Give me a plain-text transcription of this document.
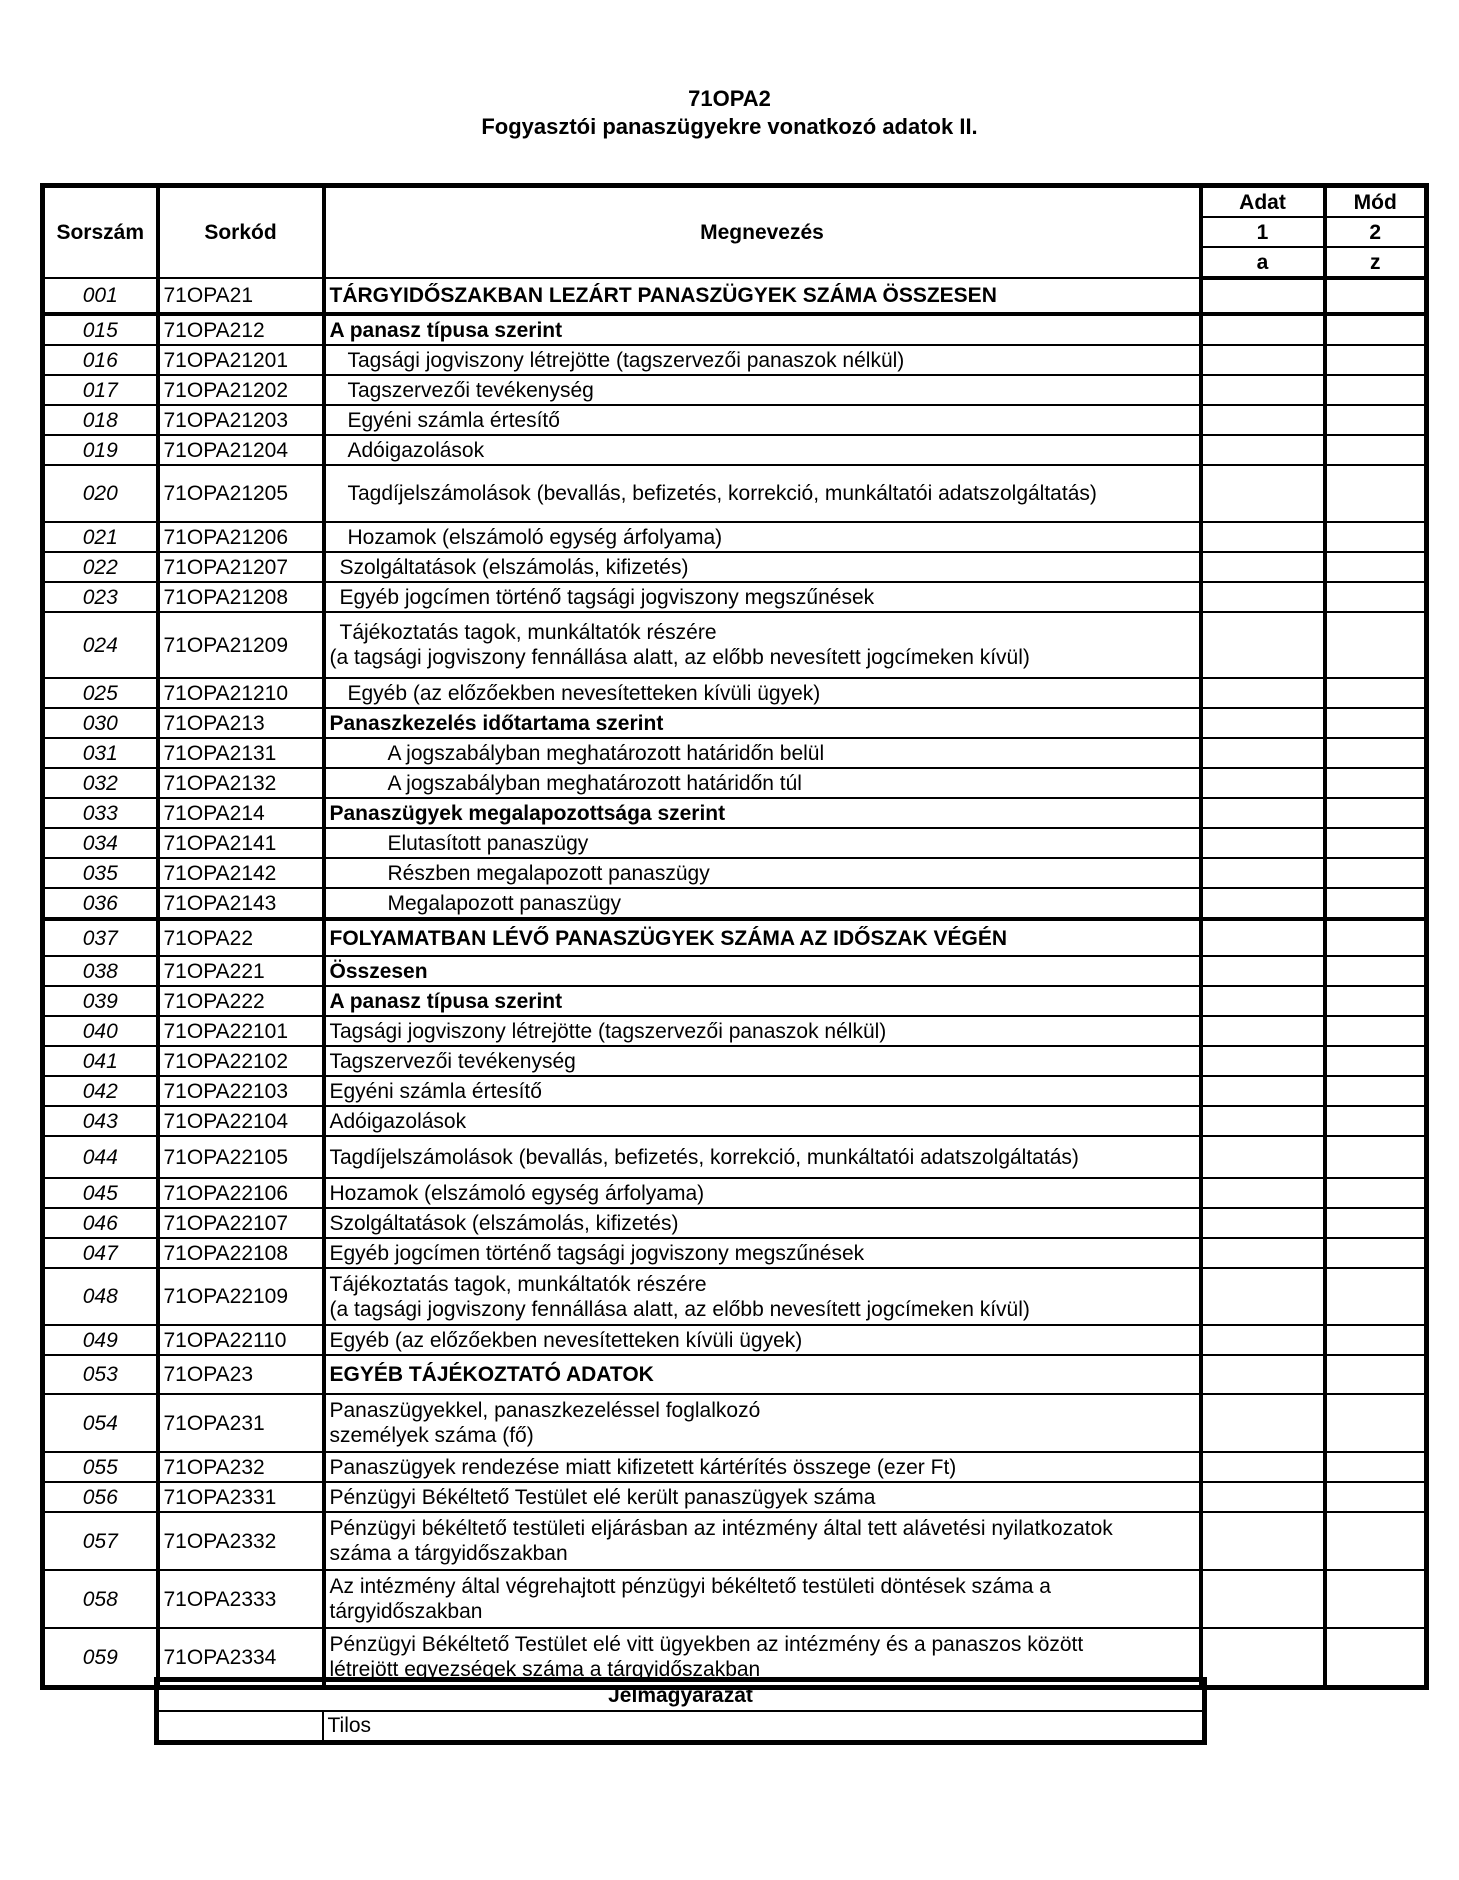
71OPA2
Fogyasztói panaszügyekre vonatkozó adatok II.
Sorszám	Sorkód	Megnevezés	Adat	Mód
			1	2
			a	z
001	71OPA21	TÁRGYIDŐSZAKBAN LEZÁRT PANASZÜGYEK SZÁMA ÖSSZESEN		
015	71OPA212	A panasz típusa szerint		
016	71OPA21201	Tagsági jogviszony létrejötte (tagszervezői panaszok nélkül)		
017	71OPA21202	Tagszervezői tevékenység		
018	71OPA21203	Egyéni számla értesítő		
019	71OPA21204	Adóigazolások		
020	71OPA21205	Tagdíjelszámolások (bevallás, befizetés, korrekció, munkáltatói adatszolgáltatás)		
021	71OPA21206	Hozamok (elszámoló egység árfolyama)		
022	71OPA21207	Szolgáltatások (elszámolás, kifizetés)		
023	71OPA21208	Egyéb jogcímen történő tagsági jogviszony megszűnések		
024	71OPA21209	Tájékoztatás tagok, munkáltatók részére
(a tagsági jogviszony fennállása alatt, az előbb nevesített jogcímeken kívül)		

025	71OPA21210	Egyéb (az előzőekben nevesítetteken kívüli ügyek)		
030	71OPA213	Panaszkezelés időtartama szerint		
031	71OPA2131	A jogszabályban meghatározott határidőn belül		
032	71OPA2132	A jogszabályban meghatározott határidőn túl		
033	71OPA214	Panaszügyek megalapozottsága szerint		
034	71OPA2141	Elutasított panaszügy		
035	71OPA2142	Részben megalapozott panaszügy		
036	71OPA2143	Megalapozott panaszügy		
037	71OPA22	FOLYAMATBAN LÉVŐ PANASZÜGYEK SZÁMA AZ IDŐSZAK VÉGÉN		
038	71OPA221	Összesen		
039	71OPA222	A panasz típusa szerint		
040	71OPA22101	Tagsági jogviszony létrejötte (tagszervezői panaszok nélkül)		
041	71OPA22102	Tagszervezői tevékenység		
042	71OPA22103	Egyéni számla értesítő		
043	71OPA22104	Adóigazolások		
044	71OPA22105	Tagdíjelszámolások (bevallás, befizetés, korrekció, munkáltatói adatszolgáltatás)		
045	71OPA22106	Hozamok (elszámoló egység árfolyama)		
046	71OPA22107	Szolgáltatások (elszámolás, kifizetés)		
047	71OPA22108	Egyéb jogcímen történő tagsági jogviszony megszűnések		
048	71OPA22109	Tájékoztatás tagok, munkáltatók részére
(a tagsági jogviszony fennállása alatt, az előbb nevesített jogcímeken kívül)		

049	71OPA22110	Egyéb (az előzőekben nevesítetteken kívüli ügyek)		
053	71OPA23	EGYÉB TÁJÉKOZTATÓ ADATOK		
054	71OPA231	Panaszügyekkel, panaszkezeléssel foglalkozó
személyek száma (fő)		

055	71OPA232	Panaszügyek rendezése miatt kifizetett kártérítés összege (ezer Ft)		
056	71OPA2331	Pénzügyi Békéltető Testület elé került panaszügyek száma		
057	71OPA2332	Pénzügyi békéltető testületi eljárásban az intézmény által tett alávetési nyilatkozatok
száma a tárgyidőszakban		

058	71OPA2333	Az intézmény által végrehajtott pénzügyi békéltető testületi döntések száma a
tárgyidőszakban		

059	71OPA2334	Pénzügyi Békéltető Testület elé vitt ügyekben az intézmény és a panaszos között
létrejött egyezségek száma a tárgyidőszakban		

Jelmagyarázat
	Tilos
